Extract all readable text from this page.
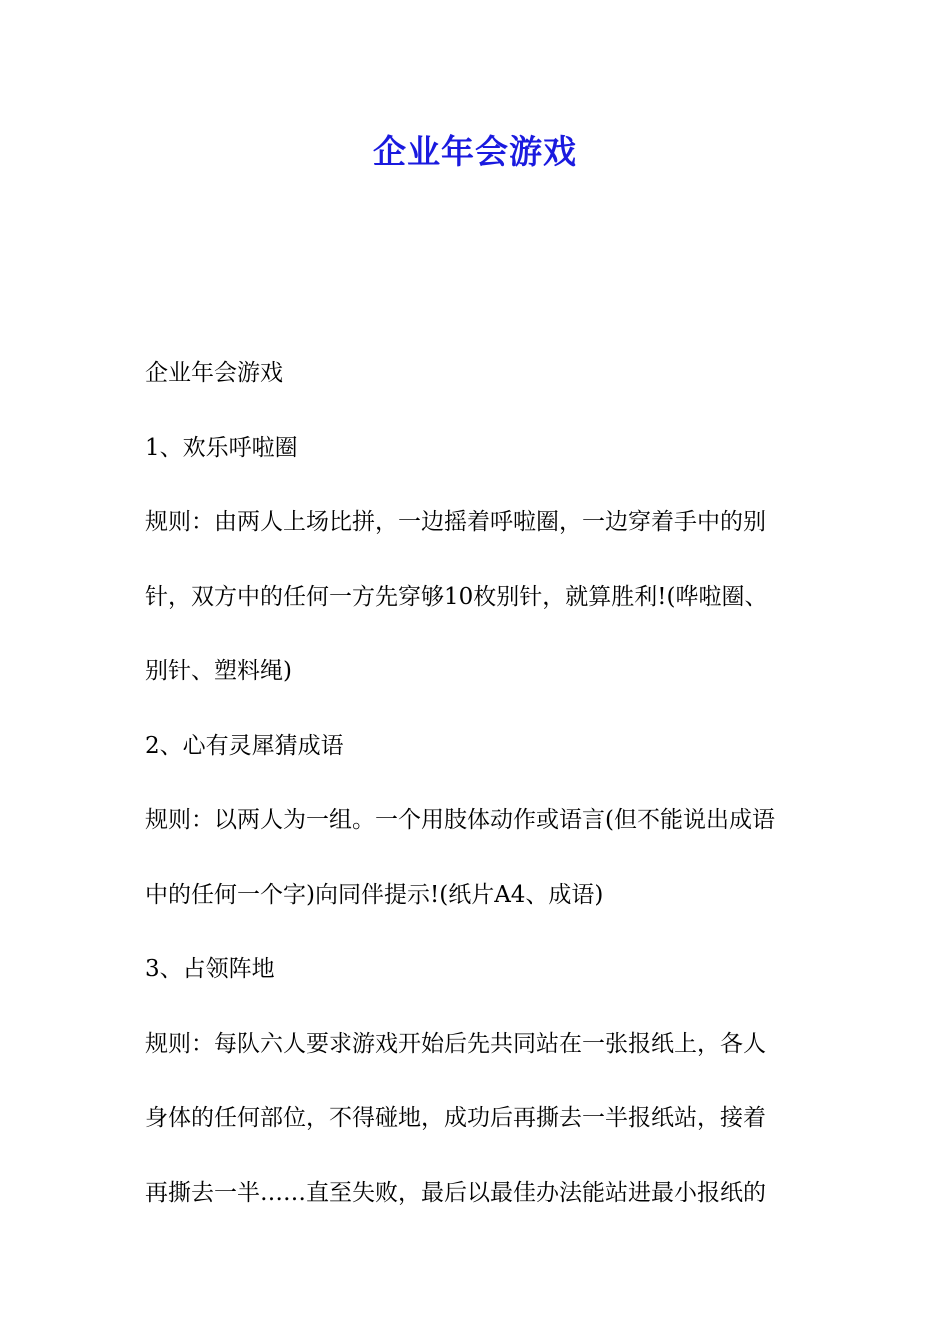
企业年会游戏
企业年会游戏
1、欢乐呼啦圈
规则：由两人上场比拼，一边摇着呼啦圈，一边穿着手中的别
针，双方中的任何一方先穿够10枚别针，就算胜利!(哗啦圈、
别针、塑料绳)
2、心有灵犀猜成语
规则：以两人为一组。一个用肢体动作或语言(但不能说出成语
中的任何一个字)向同伴提示!(纸片A4、成语)
3、占领阵地
规则：每队六人要求游戏开始后先共同站在一张报纸上，各人
身体的任何部位，不得碰地，成功后再撕去一半报纸站，接着
再撕去一半……直至失败，最后以最佳办法能站进最小报纸的
